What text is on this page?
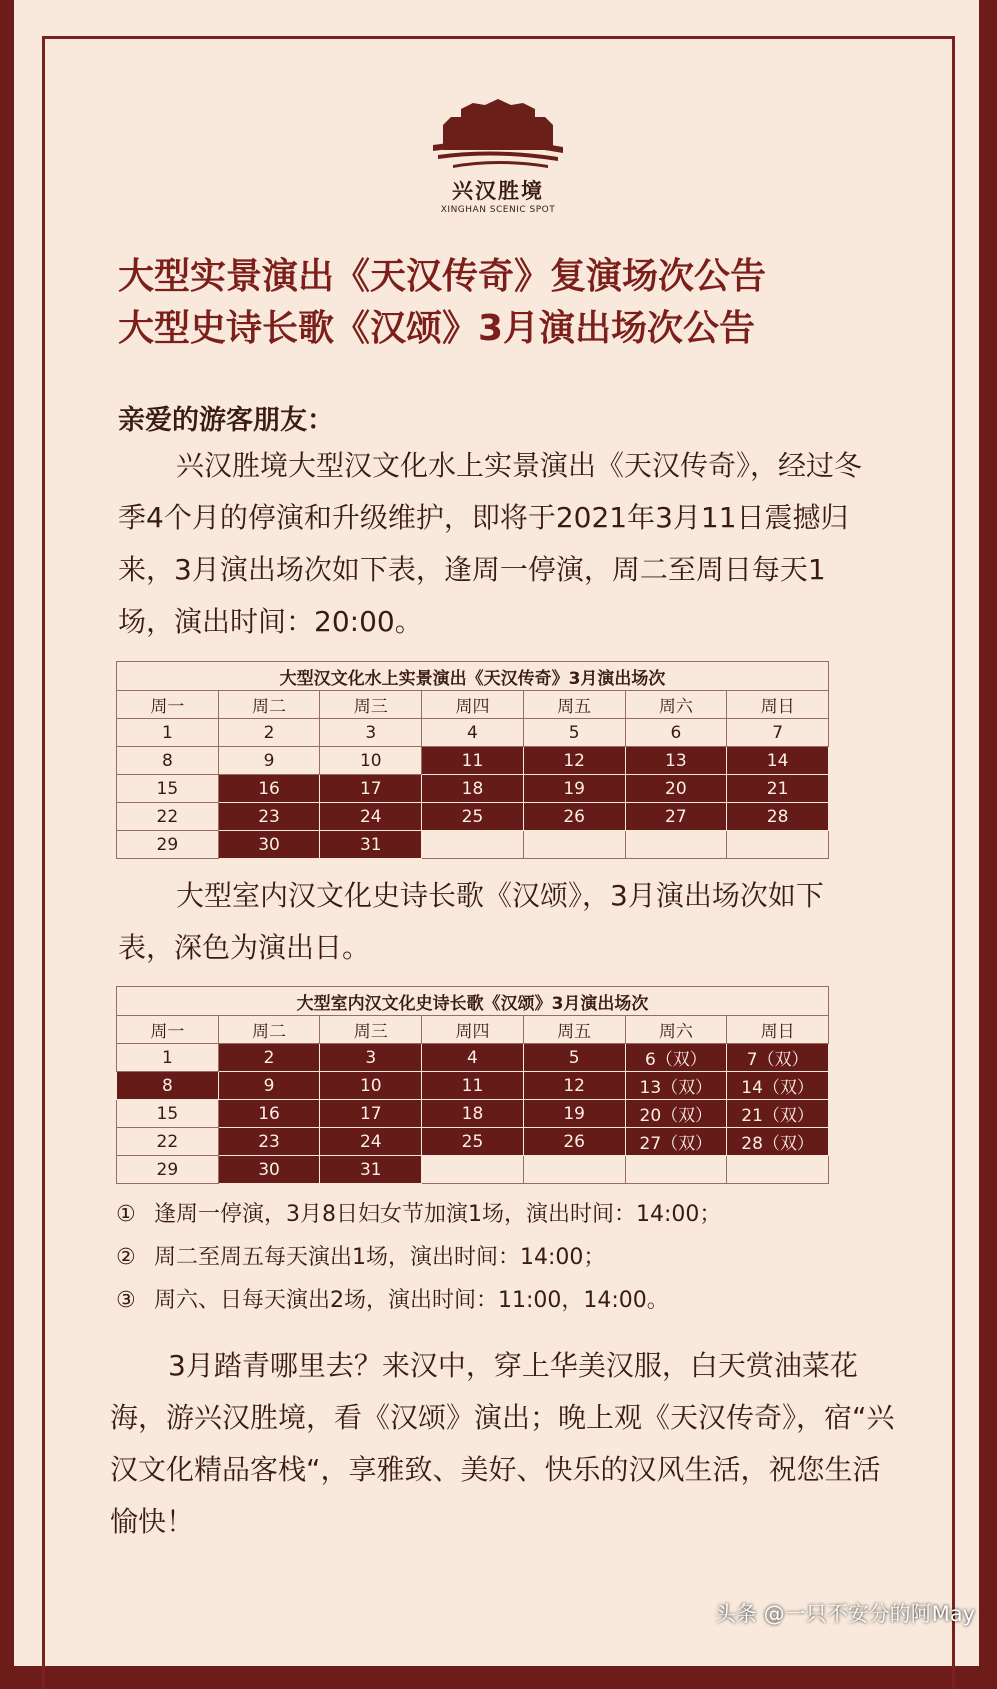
兴汉胜境
XINGHAN SCENIC SPOT
大型实景演出《天汉传奇》复演场次公告
大型史诗长歌《汉颂》3月演出场次公告
亲爱的游客朋友：
兴汉胜境大型汉文化水上实景演出《天汉传奇》，经过冬季4个月的停演和升级维护，即将于2021年3月11日震撼归来，3月演出场次如下表，逢周一停演，周二至周日每天1场，演出时间：20:00。
大型汉文化水上实景演出《天汉传奇》3月演出场次						
周一	周二	周三	周四	周五	周六	周日
1	2	3	4	5	6	7
8	9	10	11	12	13	14
15	16	17	18	19	20	21
22	23	24	25	26	27	28
29	30	31				
大型室内汉文化史诗长歌《汉颂》，3月演出场次如下表，深色为演出日。
大型室内汉文化史诗长歌《汉颂》3月演出场次						
周一	周二	周三	周四	周五	周六	周日
1	2	3	4	5	6（双）	7（双）
8	9	10	11	12	13（双）	14（双）
15	16	17	18	19	20（双）	21（双）
22	23	24	25	26	27（双）	28（双）
29	30	31				
① 逢周一停演，3月8日妇女节加演1场，演出时间：14:00；
② 周二至周五每天演出1场，演出时间：14:00；
③ 周六、日每天演出2场，演出时间：11:00，14:00。
3月踏青哪里去？来汉中，穿上华美汉服，白天赏油菜花海，游兴汉胜境，看《汉颂》演出；晚上观《天汉传奇》，宿“兴汉文化精品客栈“，享雅致、美好、快乐的汉风生活，祝您生活愉快！
头条 @一只不安分的阿May
